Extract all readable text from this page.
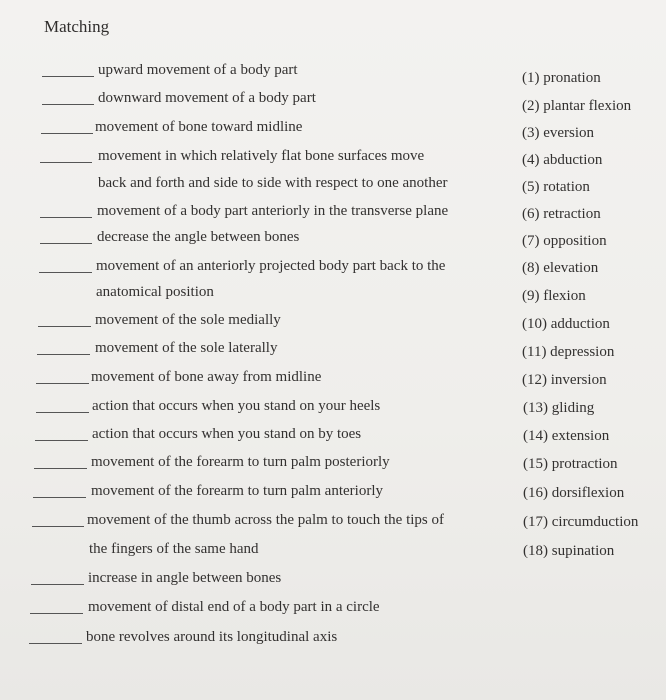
Matching
upward movement of a body part
downward movement of a body part
movement of bone toward midline
movement in which relatively flat bone surfaces move
back and forth and side to side with respect to one another
movement of a body part anteriorly in the transverse plane
decrease the angle between bones
movement of an anteriorly projected body part back to the
anatomical position
movement of the sole medially
movement of the sole laterally
movement of bone away from midline
action that occurs when you stand on your heels
action that occurs when you stand on by toes
movement of the forearm to turn palm posteriorly
movement of the forearm to turn palm anteriorly
movement of the thumb across the palm to touch the tips of
the fingers of the same hand
increase in angle between bones
movement of distal end of a body part in a circle
bone revolves around its longitudinal axis
(1) pronation
(2) plantar flexion
(3) eversion
(4) abduction
(5) rotation
(6) retraction
(7) opposition
(8) elevation
(9) flexion
(10) adduction
(11) depression
(12) inversion
(13) gliding
(14) extension
(15) protraction
(16) dorsiflexion
(17) circumduction
(18) supination
